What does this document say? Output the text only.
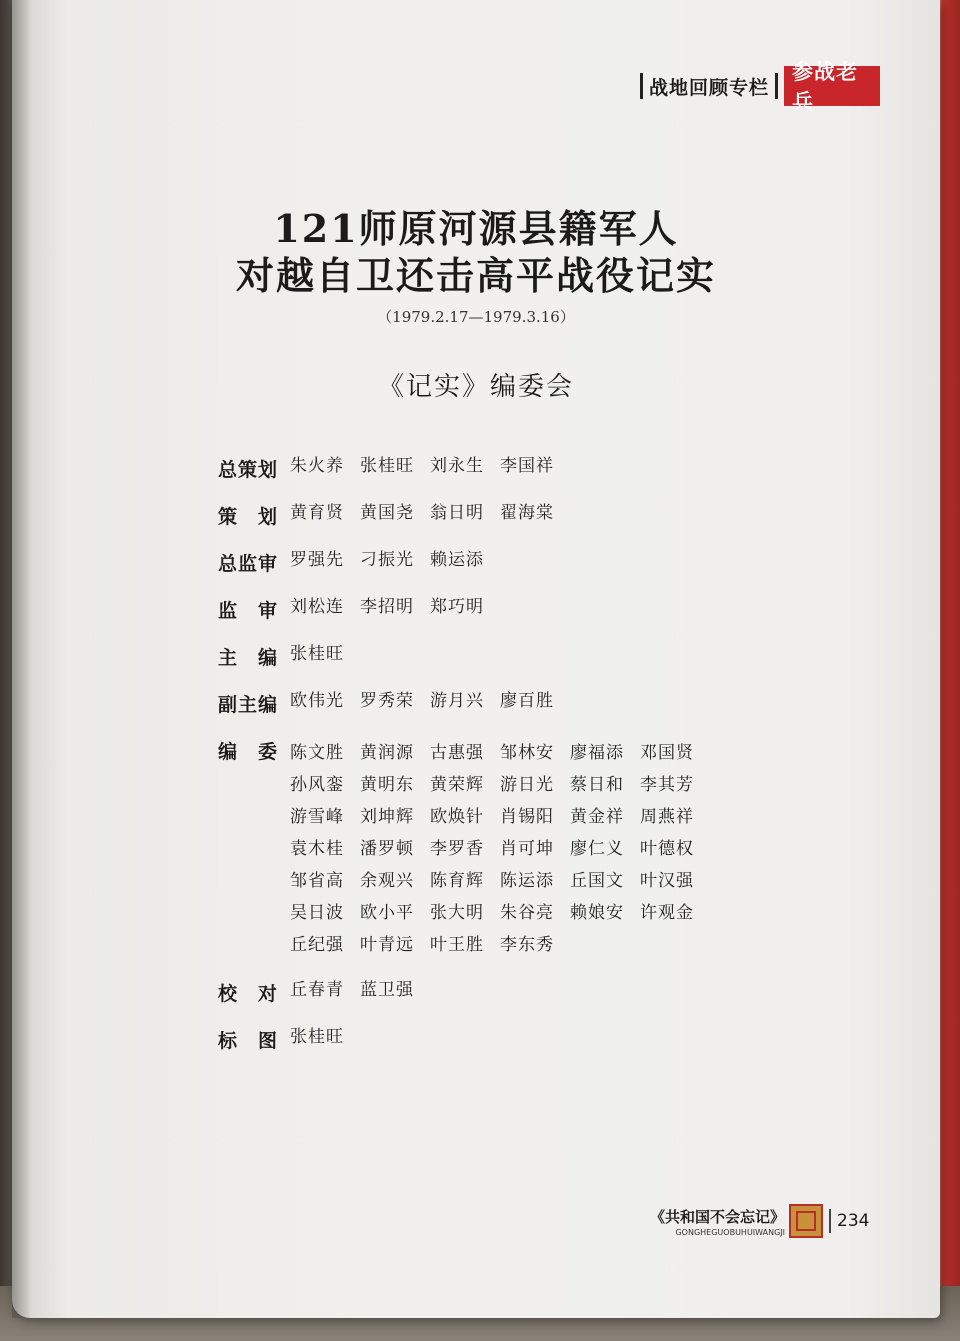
战地回顾专栏
参战老兵
121师原河源县籍军人
对越自卫还击高平战役记实
（1979.2.17—1979.3.16）
《记实》编委会
总策划 朱火养 张桂旺 刘永生 李国祥
策　划 黄育贤 黄国尧 翁日明 翟海棠
总监审 罗强先 刁振光 赖运添
监　审 刘松连 李招明 郑巧明
主　编 张桂旺
副主编 欧伟光 罗秀荣 游月兴 廖百胜
编　委 陈文胜 黄润源 古惠强 邹林安 廖福添 邓国贤
孙风銮 黄明东 黄荣辉 游日光 蔡日和 李其芳
游雪峰 刘坤辉 欧焕针 肖锡阳 黄金祥 周燕祥
袁木桂 潘罗顿 李罗香 肖可坤 廖仁义 叶德权
邹省高 余观兴 陈育辉 陈运添 丘国文 叶汉强
吴日波 欧小平 张大明 朱谷亮 赖娘安 许观金
丘纪强 叶青远 叶王胜 李东秀
校　对 丘春青 蓝卫强
标　图 张桂旺
《共和国不会忘记》
GONGHEGUOBUHUIWANGJI
234
